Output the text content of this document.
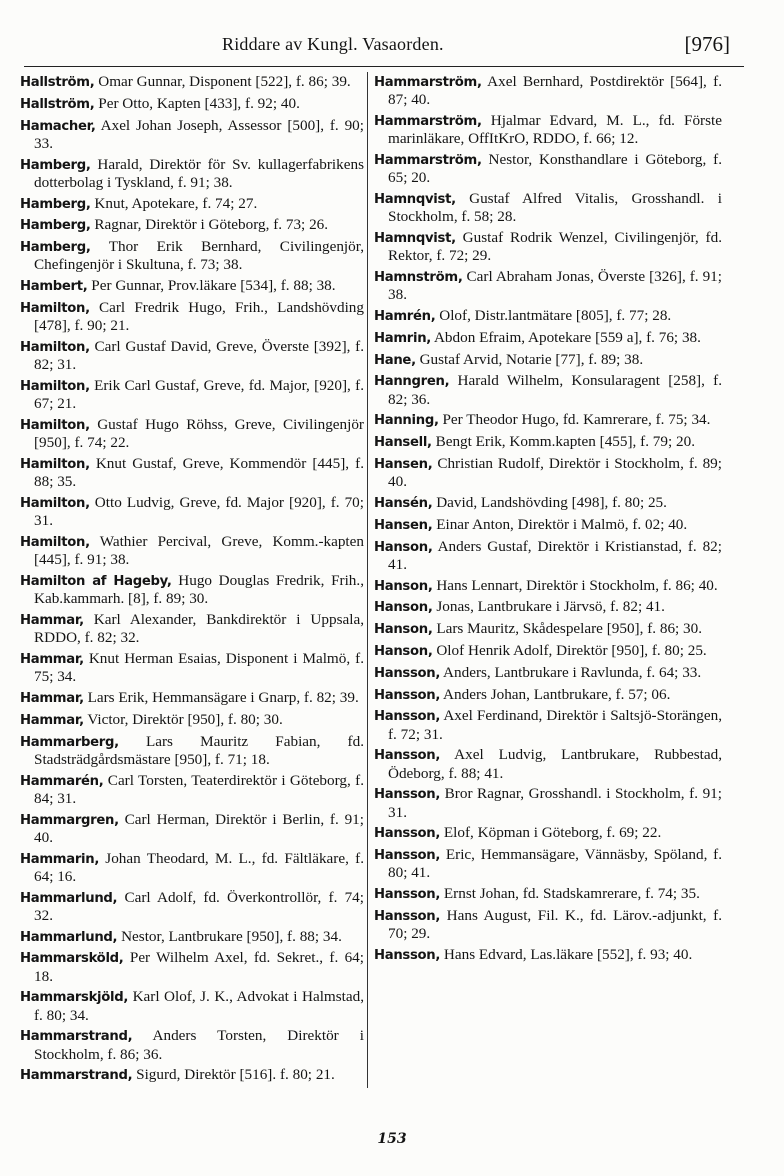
Riddare av Kungl. Vasaorden.	[976]

Hallström, Omar Gunnar, Disponent [522], f. 86; 39.

Hallström, Per Otto, Kapten [433], f. 92; 40.

Hamacher, Axel Johan Joseph, Assessor [500], f. 90; 33.

Hamberg, Harald, Direktör för Sv. kullagerfabrikens dotterbolag i Tyskland, f. 91; 38.

Hamberg, Knut, Apotekare, f. 74; 27.

Hamberg, Ragnar, Direktör i Göteborg, f. 73; 26.

Hamberg, Thor Erik Bernhard, Civilingenjör, Chefingenjör i Skultuna, f. 73; 38.

Hambert, Per Gunnar, Prov.läkare [534], f. 88; 38.

Hamilton, Carl Fredrik Hugo, Frih., Landshövding [478], f. 90; 21.

Hamilton, Carl Gustaf David, Greve, Överste [392], f. 82; 31.

Hamilton, Erik Carl Gustaf, Greve, fd. Major, [920], f. 67; 21.

Hamilton, Gustaf Hugo Röhss, Greve, Civilingenjör [950], f. 74; 22.

Hamilton, Knut Gustaf, Greve, Kommendör [445], f. 88; 35.

Hamilton, Otto Ludvig, Greve, fd. Major [920], f. 70; 31.

Hamilton, Wathier Percival, Greve, Komm.-kapten [445], f. 91; 38.

Hamilton af Hageby, Hugo Douglas Fredrik, Frih., Kab.kammarh. [8], f. 89; 30.

Hammar, Karl Alexander, Bankdirektör i Uppsala, RDDO, f. 82; 32.

Hammar, Knut Herman Esaias, Disponent i Malmö, f. 75; 34.

Hammar, Lars Erik, Hemmansägare i Gnarp, f. 82; 39.

Hammar, Victor, Direktör [950], f. 80; 30.

Hammarberg, Lars Mauritz Fabian, fd. Stadsträdgårdsmästare [950], f. 71; 18.

Hammarén, Carl Torsten, Teaterdirektör i Göteborg, f. 84; 31.

Hammargren, Carl Herman, Direktör i Berlin, f. 91; 40.

Hammarin, Johan Theodard, M. L., fd. Fältläkare, f. 64; 16.

Hammarlund, Carl Adolf, fd. Överkontrollör, f. 74; 32.

Hammarlund, Nestor, Lantbrukare [950], f. 88; 34.

Hammarsköld, Per Wilhelm Axel, fd. Sekret., f. 64; 18.

Hammarskjöld, Karl Olof, J. K., Advokat i Halmstad, f. 80; 34.

Hammarstrand, Anders Torsten, Direktör i Stockholm, f. 86; 36.

Hammarstrand, Sigurd, Direktör [516]. f. 80; 21.

Hammarström, Axel Bernhard, Postdirektör [564], f. 87; 40.

Hammarström, Hjalmar Edvard, M. L., fd. Förste marinläkare, OffItKrO, RDDO, f. 66; 12.

Hammarström, Nestor, Konsthandlare i Göteborg, f. 65; 20.

Hamnqvist, Gustaf Alfred Vitalis, Grosshandl. i Stockholm, f. 58; 28.

Hamnqvist, Gustaf Rodrik Wenzel, Civilingenjör, fd. Rektor, f. 72; 29.

Hamnström, Carl Abraham Jonas, Överste [326], f. 91; 38.

Hamrén, Olof, Distr.lantmätare [805], f. 77; 28.

Hamrin, Abdon Efraim, Apotekare [559 a], f. 76; 38.

Hane, Gustaf Arvid, Notarie [77], f. 89; 38.

Hanngren, Harald Wilhelm, Konsularagent [258], f. 82; 36.

Hanning, Per Theodor Hugo, fd. Kamrerare, f. 75; 34.

Hansell, Bengt Erik, Komm.kapten [455], f. 79; 20.

Hansen, Christian Rudolf, Direktör i Stockholm, f. 89; 40.

Hansén, David, Landshövding [498], f. 80; 25.

Hansen, Einar Anton, Direktör i Malmö, f. 02; 40.

Hanson, Anders Gustaf, Direktör i Kristianstad, f. 82; 41.

Hanson, Hans Lennart, Direktör i Stockholm, f. 86; 40.

Hanson, Jonas, Lantbrukare i Järvsö, f. 82; 41.

Hanson, Lars Mauritz, Skådespelare [950], f. 86; 30.

Hanson, Olof Henrik Adolf, Direktör [950], f. 80; 25.

Hansson, Anders, Lantbrukare i Ravlunda, f. 64; 33.

Hansson, Anders Johan, Lantbrukare, f. 57; 06.

Hansson, Axel Ferdinand, Direktör i Saltsjö-Storängen, f. 72; 31.

Hansson, Axel Ludvig, Lantbrukare, Rubbestad, Ödeborg, f. 88; 41.

Hansson, Bror Ragnar, Grosshandl. i Stockholm, f. 91; 31.

Hansson, Elof, Köpman i Göteborg, f. 69; 22.

Hansson, Eric, Hemmansägare, Vännäsby, Spöland, f. 80; 41.

Hansson, Ernst Johan, fd. Stadskamrerare, f. 74; 35.

Hansson, Hans August, Fil. K., fd. Lärov.-adjunkt, f. 70; 29.

Hansson, Hans Edvard, Las.läkare [552], f. 93; 40.

153
